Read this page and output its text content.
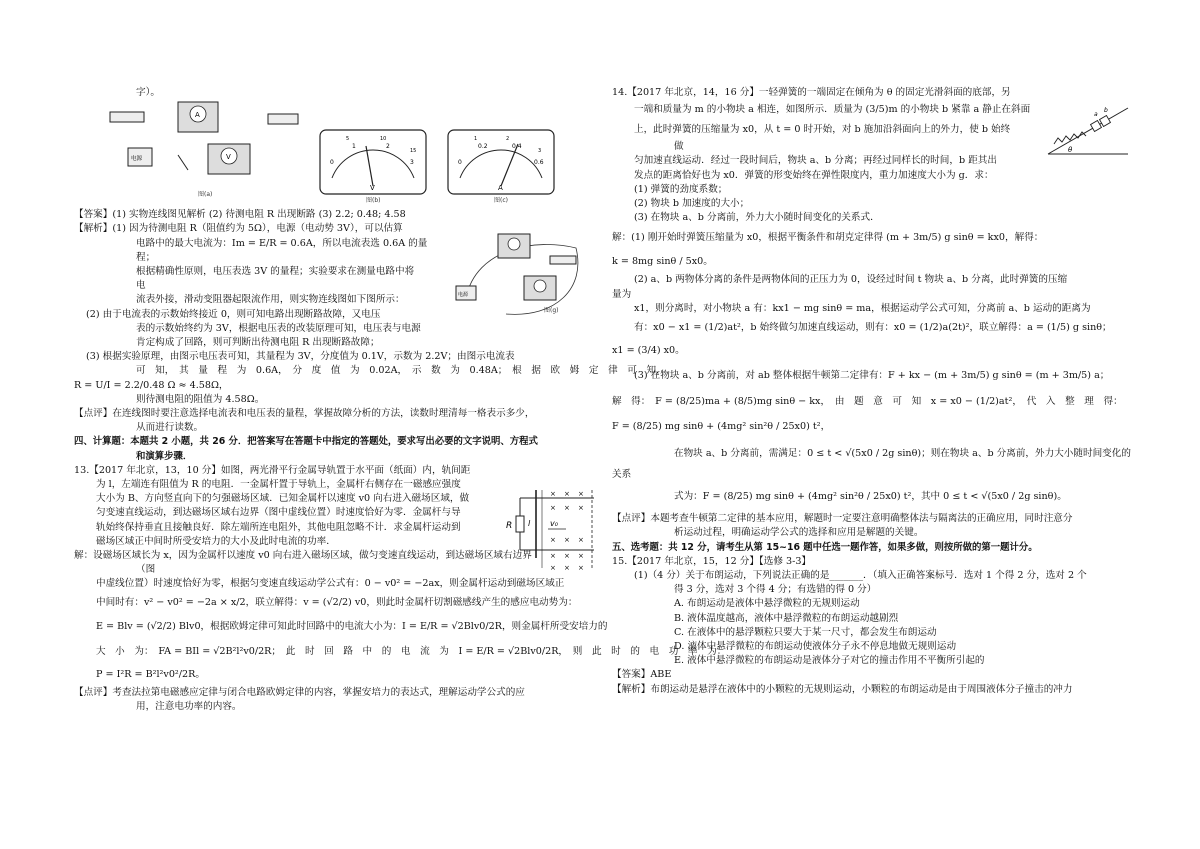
字）。

【答案】(1) 实物连线图见解析 (2) 待测电阻 R 出现断路 (3) 2.2; 0.48; 4.58

【解析】(1) 因为待测电阻 R（阻值约为 5Ω），电源（电动势 3V），可以估算

电路中的最大电流为：Im = E/R = 0.6A，所以电流表选 0.6A 的量

程；

根据精确性原则，电压表选 3V 的量程；实验要求在测量电路中将

电

流表外接，滑动变阻器起限流作用，则实物连线图如下图所示：

(2) 由于电流表的示数始终接近 0，则可知电路出现断路故障，又电压

表的示数始终约为 3V，根据电压表的改装原理可知，电压表与电源

肯定构成了回路，则可判断出待测电阻 R 出现断路故障；

(3) 根据实验原理，由图示电压表可知，其量程为 3V，分度值为 0.1V，示数为 2.2V；由图示电流表

可　知，　其　量　程　为　0.6A，　分　度　值　为　0.02A，　示　数　为　0.48A；　根　据　欧　姆　定　律　可　知，

R = U/I = 2.2/0.48 Ω ≈ 4.58Ω，

则待测电阻的阻值为 4.58Ω。

【点评】在连线图时要注意选择电流表和电压表的量程，掌握故障分析的方法，读数时理清每一格表示多少，

从而进行读数。

四、计算题：本题共 2 小题，共 26 分．把答案写在答题卡中指定的答题处，要求写出必要的文字说明、方程式

和演算步骤．

13.【2017 年北京，13，10 分】如图，两光滑平行金属导轨置于水平面（纸面）内，轨间距

为 l，左端连有阻值为 R 的电阻．一金属杆置于导轨上，金属杆右侧存在一磁感应强度

大小为 B、方向竖直向下的匀强磁场区域．已知金属杆以速度 v0 向右进入磁场区域，做

匀变速直线运动，到达磁场区域右边界（图中虚线位置）时速度恰好为零．金属杆与导

轨始终保持垂直且接触良好．除左端所连电阻外，其他电阻忽略不计．求金属杆运动到

磁场区域正中间时所受安培力的大小及此时电流的功率．

解：设磁场区域长为 x，因为金属杆以速度 v0 向右进入磁场区域，做匀变速直线运动，到达磁场区域右边界

（图

中虚线位置）时速度恰好为零，根据匀变速直线运动学公式有：0 − v0² = −2ax，则金属杆运动到磁场区域正

中间时有：v² − v0² = −2a × x/2，联立解得：v = (√2/2) v0，则此时金属杆切割磁感线产生的感应电动势为：

E = Blv = (√2/2) Blv0，根据欧姆定律可知此时回路中的电流大小为：I = E/R = √2Blv0/2R，则金属杆所受安培力的

大　小　为：　FA = BIl = √2B²l²v0/2R；　此　时　回　路　中　的　电　流　为　I = E/R = √2Blv0/2R，　则　此　时　的　电　功　率　为：

P = I²R = B²l²v0²/2R。

【点评】考查法拉第电磁感应定律与闭合电路欧姆定律的内容，掌握安培力的表达式，理解运动学公式的应

用，注意电功率的内容。

14.【2017 年北京，14，16 分】一轻弹簧的一端固定在倾角为 θ 的固定光滑斜面的底部，另

一端和质量为 m 的小物块 a 相连，如图所示．质量为 (3/5)m 的小物块 b 紧靠 a 静止在斜面

上，此时弹簧的压缩量为 x0，从 t = 0 时开始，对 b 施加沿斜面向上的外力，使 b 始终

做

匀加速直线运动．经过一段时间后，物块 a、b 分离；再经过同样长的时间，b 距其出

发点的距离恰好也为 x0．弹簧的形变始终在弹性限度内，重力加速度大小为 g．求：

(1) 弹簧的劲度系数；

(2) 物块 b 加速度的大小；

(3) 在物块 a、b 分离前，外力大小随时间变化的关系式．

解：(1) 刚开始时弹簧压缩量为 x0，根据平衡条件和胡克定律得 (m + 3m/5) g sinθ = kx0，解得：

k = 8mg sinθ / 5x0。

(2) a、b 两物体分离的条件是两物体间的正压力为 0，设经过时间 t 物块 a、b 分离，此时弹簧的压缩

量为

x1，则分离时，对小物块 a 有：kx1 − mg sinθ = ma，根据运动学公式可知，分离前 a、b 运动的距离为

有：x0 − x1 = (1/2)at²，b 始终做匀加速直线运动，则有：x0 = (1/2)a(2t)²，联立解得：a = (1/5) g sinθ；

x1 = (3/4) x0。

(3) 在物块 a、b 分离前，对 ab 整体根据牛顿第二定律有：F + kx − (m + 3m/5) g sinθ = (m + 3m/5) a；

解　得：　F = (8/25)ma + (8/5)mg sinθ − kx，　由　题　意　可　知　x = x0 − (1/2)at²，　代　入　整　理　得：

F = (8/25) mg sinθ + (4mg² sin²θ / 25x0) t²，

在物块 a、b 分离前，需满足：0 ≤ t < √(5x0 / 2g sinθ)；则在物块 a、b 分离前，外力大小随时间变化的

关系

式为：F = (8/25) mg sinθ + (4mg² sin²θ / 25x0) t²，其中 0 ≤ t < √(5x0 / 2g sinθ)。

【点评】本题考查牛顿第二定律的基本应用，解题时一定要注意明确整体法与隔离法的正确应用，同时注意分

析运动过程，明确运动学公式的选择和应用是解题的关键。

五、选考题：共 12 分，请考生从第 15~16 题中任选一题作答，如果多做，则按所做的第一题计分。

15.【2017 年北京，15，12 分】【选修 3-3】

(1)（4 分）关于布朗运动，下列说法正确的是_______．（填入正确答案标号．选对 1 个得 2 分，选对 2 个

得 3 分，选对 3 个得 4 分；有选错的得 0 分）

A. 布朗运动是液体中悬浮微粒的无规则运动

B. 液体温度越高，液体中悬浮微粒的布朗运动越剧烈

C. 在液体中的悬浮颗粒只要大于某一尺寸，都会发生布朗运动

D. 液体中悬浮微粒的布朗运动使液体分子永不停息地做无规则运动

E. 液体中悬浮微粒的布朗运动是液体分子对它的撞击作用不平衡所引起的

【答案】ABE

【解析】布朗运动是悬浮在液体中的小颗粒的无规则运动，小颗粒的布朗运动是由于周围液体分子撞击的冲力

A
电源	V
图(a)
0
1	2
3
5	10
15
V
图(b)
0
0.2	0.4
0.6
1	2
3
A
图(c)
电源
图(g)
R l v₀
× × ×
× × ×
× × ×
× × ×
× × ×
a
b
θ
